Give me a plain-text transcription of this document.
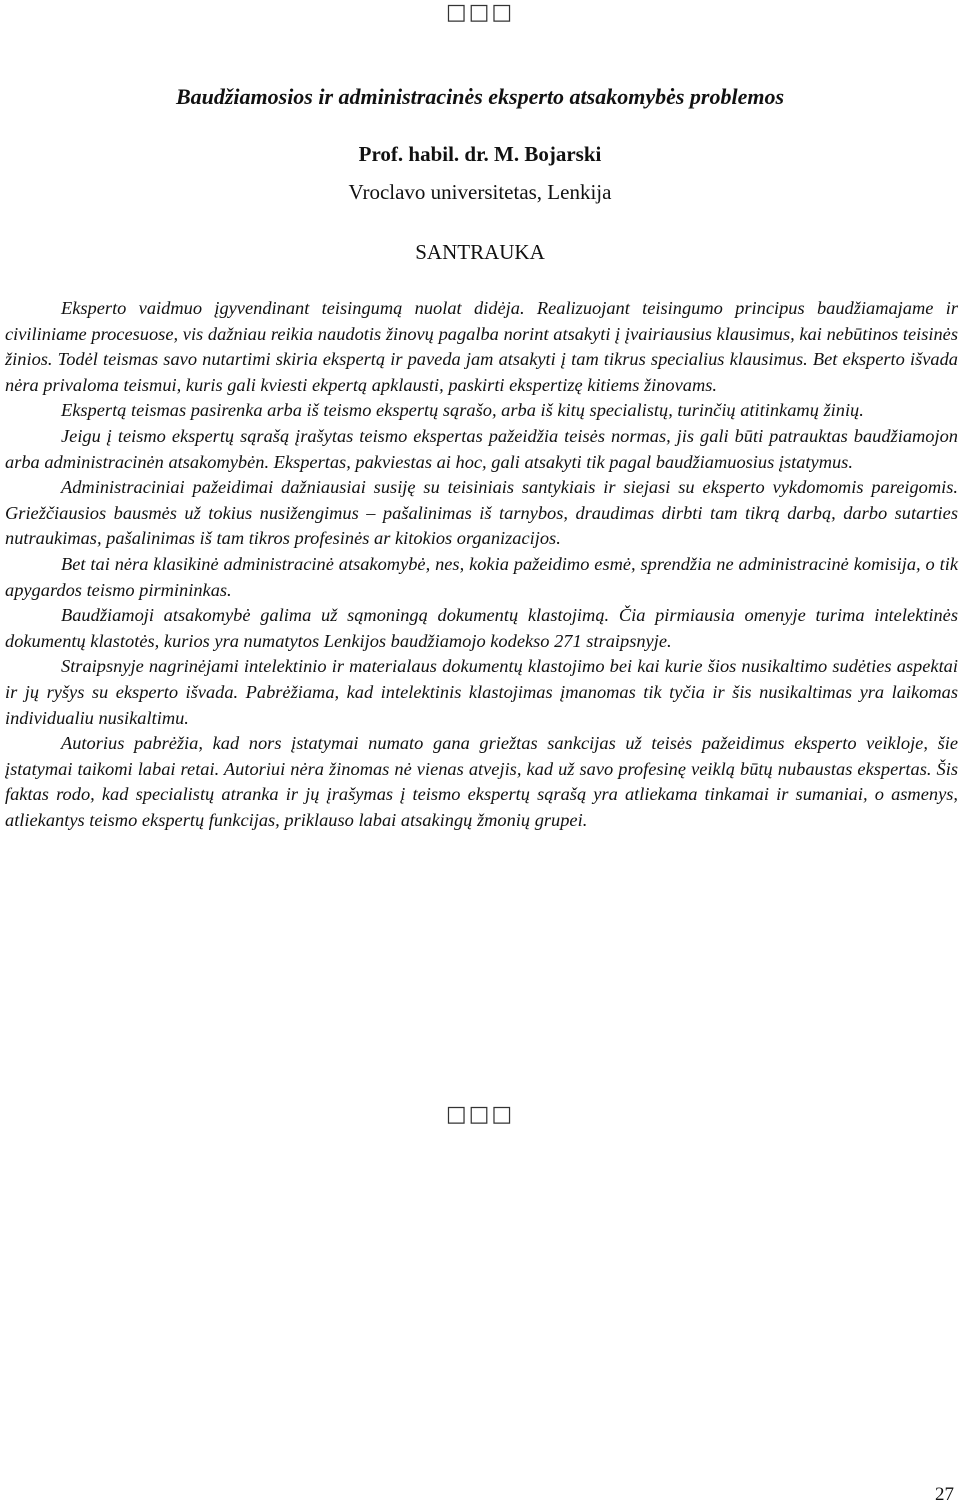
□□□
Baudžiamosios ir administracinės eksperto atsakomybės problemos
Prof. habil. dr. M. Bojarski
Vroclavo universitetas, Lenkija
SANTRAUKA

Eksperto vaidmuo įgyvendinant teisingumą nuolat didėja. Realizuojant teisingumo principus baudžiamajame ir civiliniame procesuose, vis dažniau reikia naudotis žinovų pagalba norint atsakyti į įvairiausius klausimus, kai nebūtinos teisinės žinios. Todėl teismas savo nutartimi skiria ekspertą ir paveda jam atsakyti į tam tikrus specialius klausimus. Bet eksperto išvada nėra privaloma teismui, kuris gali kviesti ekpertą apklausti, paskirti ekspertizę kitiems žinovams.

Ekspertą teismas pasirenka arba iš teismo ekspertų sąrašo, arba iš kitų specialistų, turinčių atitinkamų žinių.

Jeigu į teismo ekspertų sąrašą įrašytas teismo ekspertas pažeidžia teisės normas, jis gali būti patrauktas baudžiamojon arba administracinėn atsakomybėn. Ekspertas, pakviestas ai hoc, gali atsakyti tik pagal baudžiamuosius įstatymus.

Administraciniai pažeidimai dažniausiai susiję su teisiniais santykiais ir siejasi su eksperto vykdomomis pareigomis. Griežčiausios bausmės už tokius nusižengimus – pašalinimas iš tarnybos, draudimas dirbti tam tikrą darbą, darbo sutarties nutraukimas, pašalinimas iš tam tikros profesinės ar kitokios organizacijos.

Bet tai nėra klasikinė administracinė atsakomybė, nes, kokia pažeidimo esmė, sprendžia ne administracinė komisija, o tik apygardos teismo pirmininkas.

Baudžiamoji atsakomybė galima už sąmoningą dokumentų klastojimą. Čia pirmiausia omenyje turima intelektinės dokumentų klastotės, kurios yra numatytos Lenkijos baudžiamojo kodekso 271 straipsnyje.

Straipsnyje nagrinėjami intelektinio ir materialaus dokumentų klastojimo bei kai kurie šios nusikaltimo sudėties aspektai ir jų ryšys su eksperto išvada. Pabrėžiama, kad intelektinis klastojimas įmanomas tik tyčia ir šis nusikaltimas yra laikomas individualiu nusikaltimu.

Autorius pabrėžia, kad nors įstatymai numato gana griežtas sankcijas už teisės pažeidimus eksperto veikloje, šie įstatymai taikomi labai retai. Autoriui nėra žinomas nė vienas atvejis, kad už savo profesinę veiklą būtų nubaustas ekspertas. Šis faktas rodo, kad specialistų atranka ir jų įrašymas į teismo ekspertų sąrašą yra atliekama tinkamai ir sumaniai, o asmenys, atliekantys teismo ekspertų funkcijas, priklauso labai atsakingų žmonių grupei.

□□□
27
